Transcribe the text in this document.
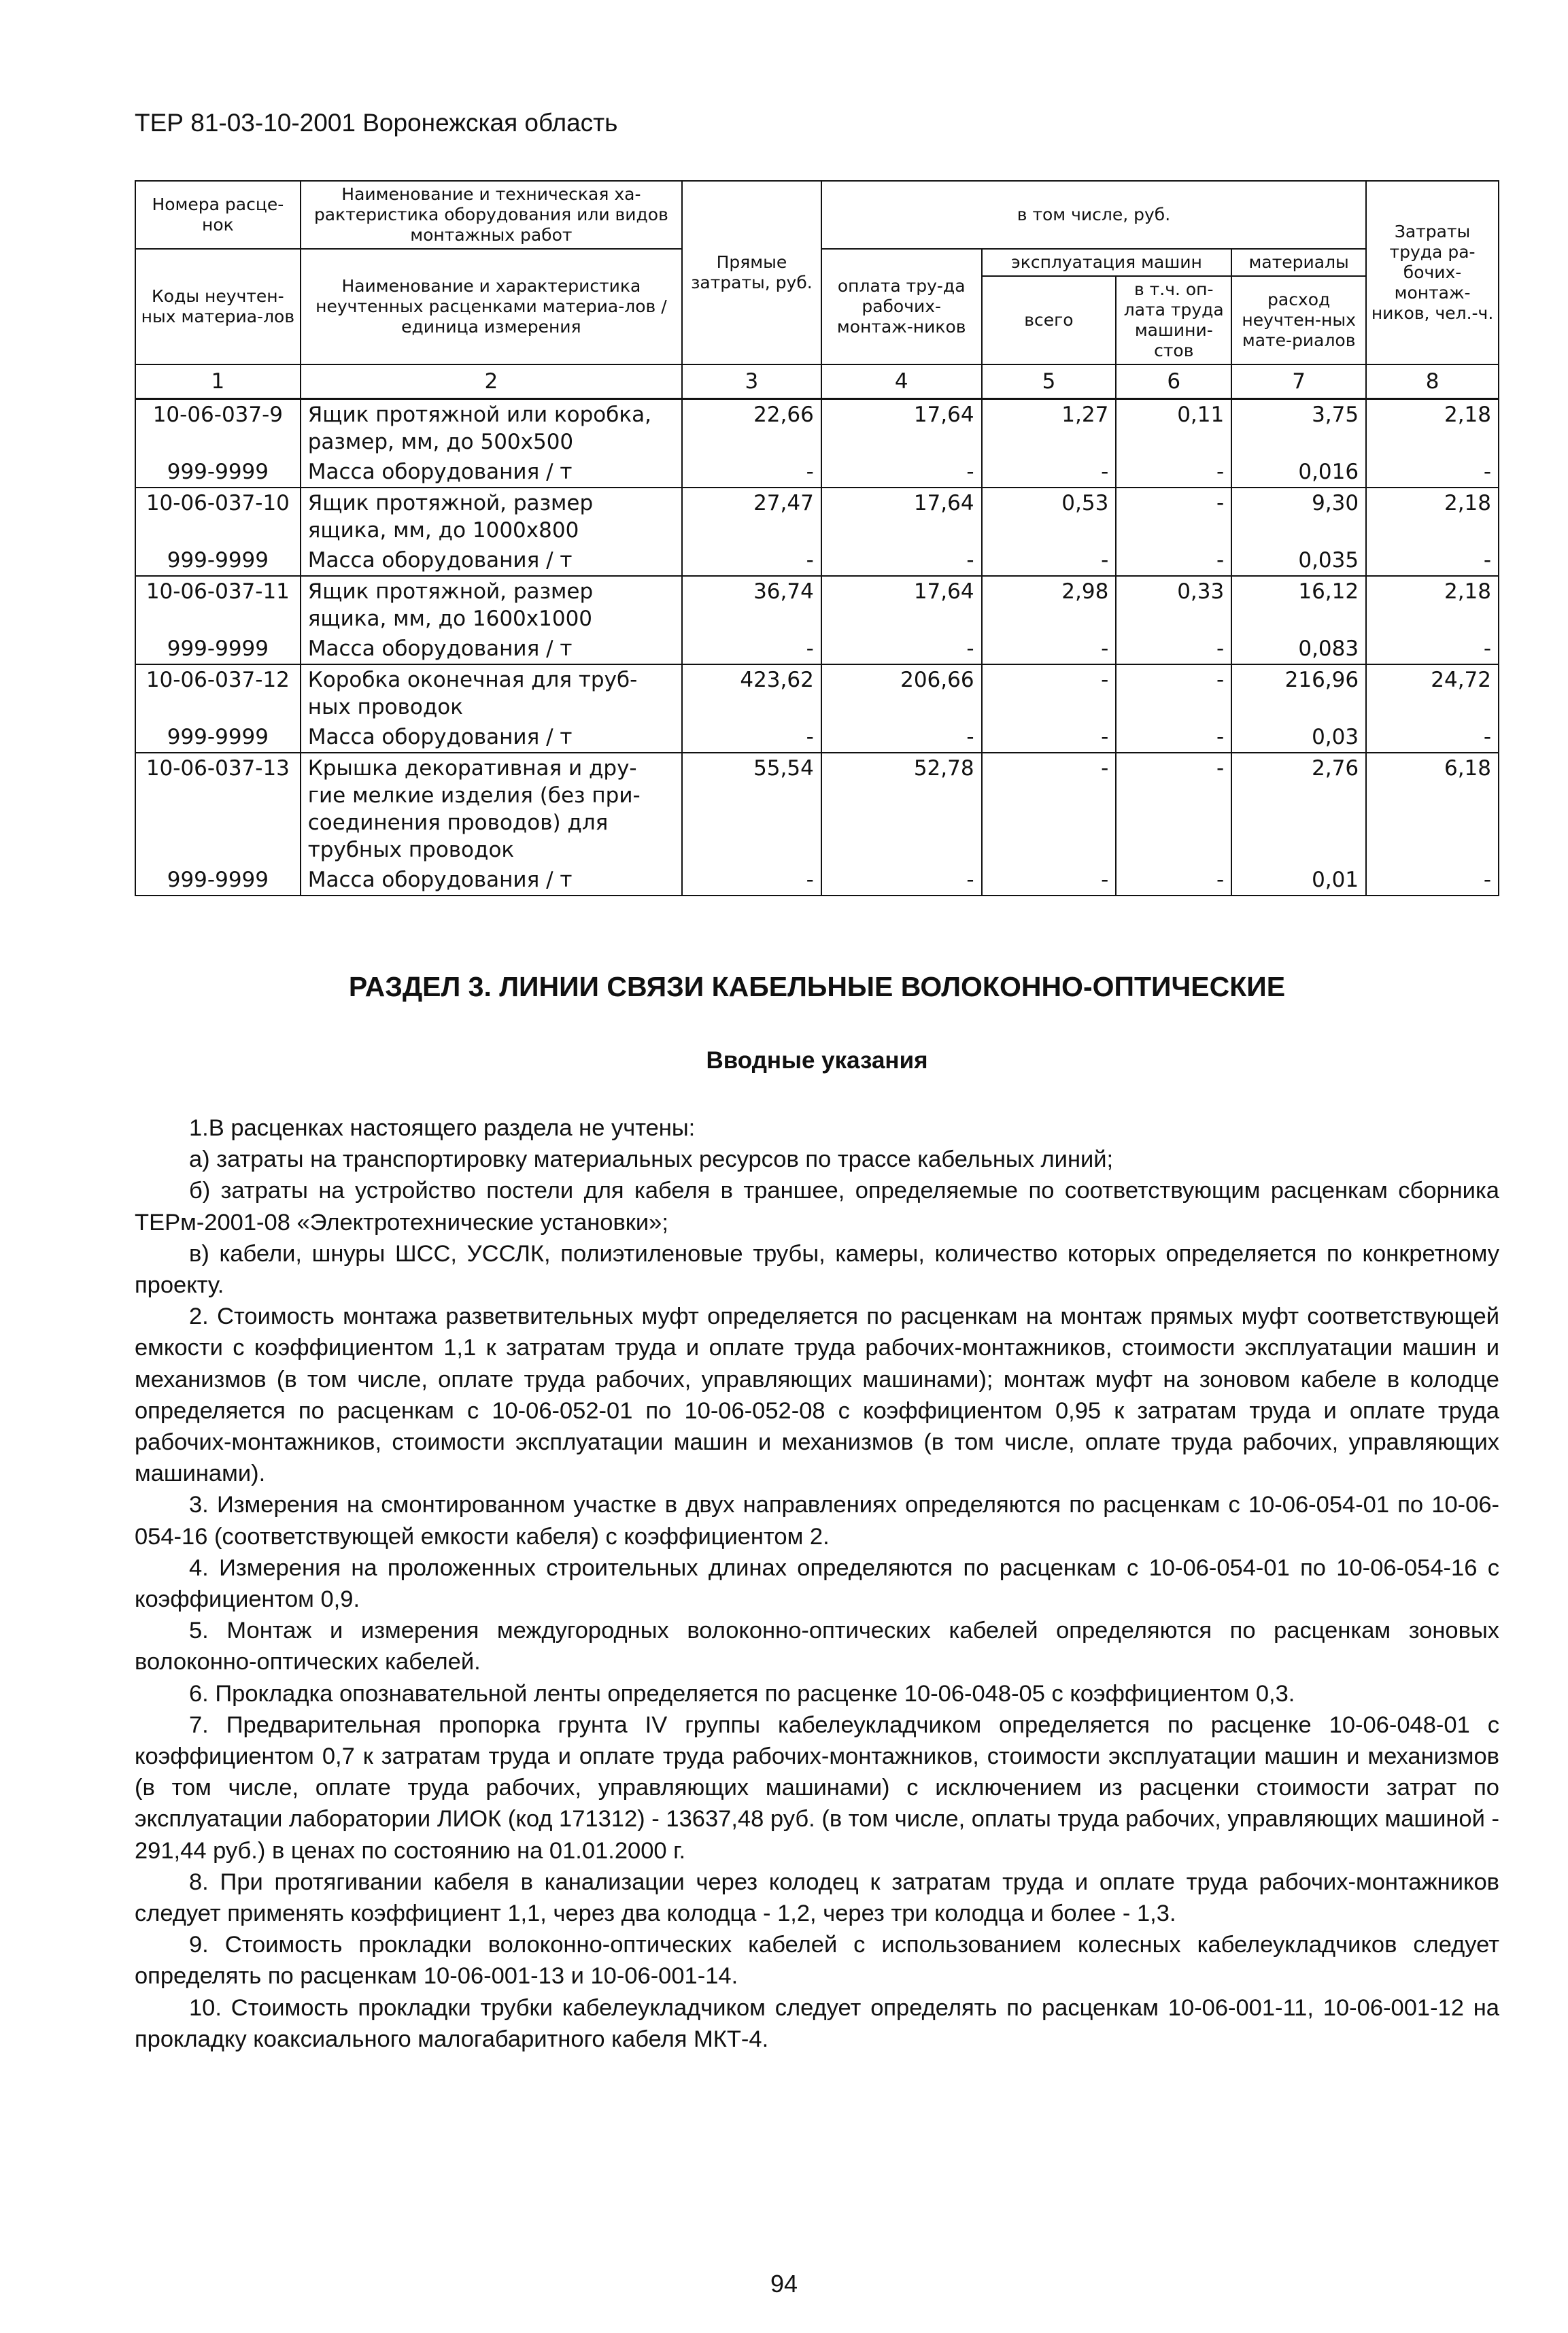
ТЕР 81-03-10-2001 Воронежская область
Номера расце-нок	Наименование и техническая ха-рактеристика оборудования или видов монтажных работ	Прямые затраты, руб.	в том числе, руб.				Затраты труда ра-бочих-монтаж-ников, чел.-ч.
Коды неучтен-ных материа-лов	Наименование и характеристика неучтенных расценками материа-лов / единица измерения		оплата тру-да рабочих-монтаж-ников	эксплуатация машин		материалы	
				всего	в т.ч. оп-лата труда машини-стов	расход неучтен-ных мате-риалов	
1	2	3	4	5	6	7	8
10-06-037-9	Ящик протяжной или коробка, размер, мм, до 500x500	22,66	17,64	1,27	0,11	3,75	2,18
999-9999	Масса оборудования / т	-	-	-	-	0,016	-
10-06-037-10	Ящик протяжной, размер ящика, мм, до 1000x800	27,47	17,64	0,53	-	9,30	2,18
999-9999	Масса оборудования / т	-	-	-	-	0,035	-
10-06-037-11	Ящик протяжной, размер ящика, мм, до 1600x1000	36,74	17,64	2,98	0,33	16,12	2,18
999-9999	Масса оборудования / т	-	-	-	-	0,083	-
10-06-037-12	Коробка оконечная для труб-ных проводок	423,62	206,66	-	-	216,96	24,72
999-9999	Масса оборудования / т	-	-	-	-	0,03	-
10-06-037-13	Крышка декоративная и дру-гие мелкие изделия (без при-соединения проводов) для трубных проводок	55,54	52,78	-	-	2,76	6,18
999-9999	Масса оборудования / т	-	-	-	-	0,01	-
РАЗДЕЛ 3. ЛИНИИ СВЯЗИ КАБЕЛЬНЫЕ ВОЛОКОННО-ОПТИЧЕСКИЕ
Вводные указания

1.В расценках настоящего раздела не учтены:

а) затраты на транспортировку материальных ресурсов по трассе кабельных линий;

б) затраты на устройство постели для кабеля в траншее, определяемые по соответствующим расценкам сборника ТЕРм-2001-08 «Электротехнические установки»;

в) кабели, шнуры ШСС, УССЛК, полиэтиленовые трубы, камеры, количество которых определяется по конкретному проекту.

2. Стоимость монтажа разветвительных муфт определяется по расценкам на монтаж прямых муфт соответствующей емкости с коэффициентом 1,1 к затратам труда и оплате труда рабочих-монтажников, стоимости эксплуатации машин и механизмов (в том числе, оплате труда рабочих, управляющих машинами); монтаж муфт на зоновом кабеле в колодце определяется по расценкам с 10-06-052-01 по 10-06-052-08 с коэффициентом 0,95 к затратам труда и оплате труда рабочих-монтажников, стоимости эксплуатации машин и механизмов (в том числе, оплате труда рабочих, управляющих машинами).

3. Измерения на смонтированном участке в двух направлениях определяются по расценкам с 10-06-054-01 по 10-06-054-16 (соответствующей емкости кабеля) с коэффициентом 2.

4. Измерения на проложенных строительных длинах определяются по расценкам с 10-06-054-01 по 10-06-054-16 с коэффициентом 0,9.

5. Монтаж и измерения междугородных волоконно-оптических кабелей определяются по расценкам зоновых волоконно-оптических кабелей.

6. Прокладка опознавательной ленты определяется по расценке 10-06-048-05 с коэффициентом 0,3.

7. Предварительная пропорка грунта IV группы кабелеукладчиком определяется по расценке 10-06-048-01 с коэффициентом 0,7 к затратам труда и оплате труда рабочих-монтажников, стоимости эксплуатации машин и механизмов (в том числе, оплате труда рабочих, управляющих машинами) с исключением из расценки стоимости затрат по эксплуатации лаборатории ЛИОК (код 171312) - 13637,48 руб. (в том числе, оплаты труда рабочих, управляющих машиной - 291,44 руб.) в ценах по состоянию на 01.01.2000 г.

8. При протягивании кабеля в канализации через колодец к затратам труда и оплате труда рабочих-монтажников следует применять коэффициент 1,1, через два колодца - 1,2, через три колодца и более - 1,3.

9. Стоимость прокладки волоконно-оптических кабелей с использованием колесных кабелеукладчиков следует определять по расценкам 10-06-001-13 и 10-06-001-14.

10. Стоимость прокладки трубки кабелеукладчиком следует определять по расценкам 10-06-001-11, 10-06-001-12 на прокладку коаксиального малогабаритного кабеля МКТ-4.

94
